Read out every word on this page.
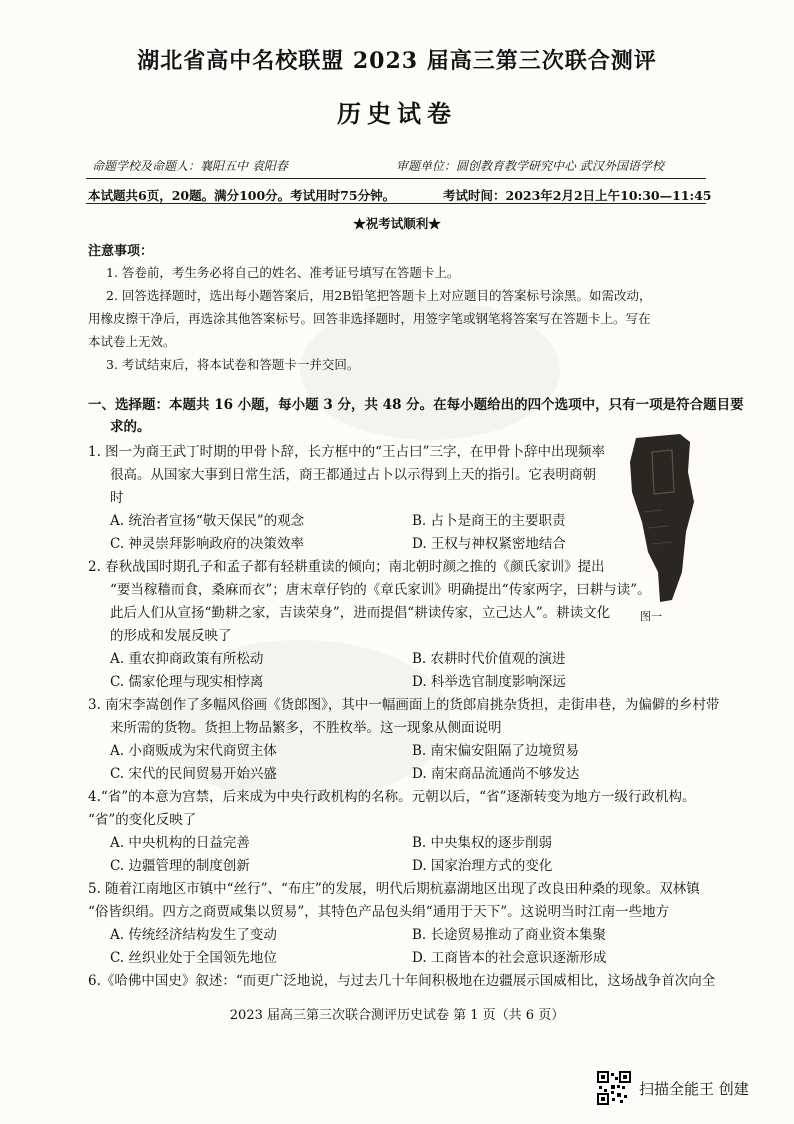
湖北省高中名校联盟 2023 届高三第三次联合测评
历史试卷
命题学校及命题人：襄阳五中 袁阳春	审题单位：圆创教育教学研究中心 武汉外国语学校
本试题共6页，20题。满分100分。考试用时75分钟。	考试时间：2023年2月2日上午10:30—11:45
★祝考试顺利★
注意事项：
1. 答卷前，考生务必将自己的姓名、准考证号填写在答题卡上。
2. 回答选择题时，选出每小题答案后，用2B铅笔把答题卡上对应题目的答案标号涂黑。如需改动，
用橡皮擦干净后，再选涂其他答案标号。回答非选择题时，用签字笔或钢笔将答案写在答题卡上。写在
本试卷上无效。
3. 考试结束后，将本试卷和答题卡一并交回。
一、选择题：本题共 16 小题，每小题 3 分，共 48 分。在每小题给出的四个选项中，只有一项是符合题目要
求的。
1. 图一为商王武丁时期的甲骨卜辞，长方框中的“王占曰”三字，在甲骨卜辞中出现频率
很高。从国家大事到日常生活，商王都通过占卜以示得到上天的指引。它表明商朝
时
A. 统治者宣扬“敬天保民”的观念	B. 占卜是商王的主要职责
C. 神灵崇拜影响政府的决策效率	D. 王权与神权紧密地结合
图一
2. 春秋战国时期孔子和孟子都有轻耕重读的倾向；南北朝时颜之推的《颜氏家训》提出
“要当稼穑而食，桑麻而衣”；唐末章仔钧的《章氏家训》明确提出“传家两字，曰耕与读”。
此后人们从宣扬“勤耕之家，吉读荣身”，进而提倡“耕读传家，立己达人”。耕读文化
的形成和发展反映了
A. 重农抑商政策有所松动	B. 农耕时代价值观的演进
C. 儒家伦理与现实相悖离	D. 科举选官制度影响深远
3. 南宋李嵩创作了多幅风俗画《货郎图》，其中一幅画面上的货郎肩挑杂货担，走街串巷，为偏僻的乡村带
来所需的货物。货担上物品繁多，不胜枚举。这一现象从侧面说明
A. 小商贩成为宋代商贸主体	B. 南宋偏安阻隔了边境贸易
C. 宋代的民间贸易开始兴盛	D. 南宋商品流通尚不够发达
4.“省”的本意为宫禁，后来成为中央行政机构的名称。元朝以后，“省”逐渐转变为地方一级行政机构。
“省”的变化反映了
A. 中央机构的日益完善	B. 中央集权的逐步削弱
C. 边疆管理的制度创新	D. 国家治理方式的变化
5. 随着江南地区市镇中“丝行”、“布庄”的发展，明代后期杭嘉湖地区出现了改良田种桑的现象。双林镇
“俗皆织绢。四方之商贾咸集以贸易”，其特色产品包头绢“通用于天下”。这说明当时江南一些地方
A. 传统经济结构发生了变动	B. 长途贸易推动了商业资本集聚
C. 丝织业处于全国领先地位	D. 工商皆本的社会意识逐渐形成
6.《哈佛中国史》叙述：“而更广泛地说，与过去几十年间积极地在边疆展示国威相比，这场战争首次向全
2023 届高三第三次联合测评历史试卷 第 1 页（共 6 页）
扫描全能王 创建
